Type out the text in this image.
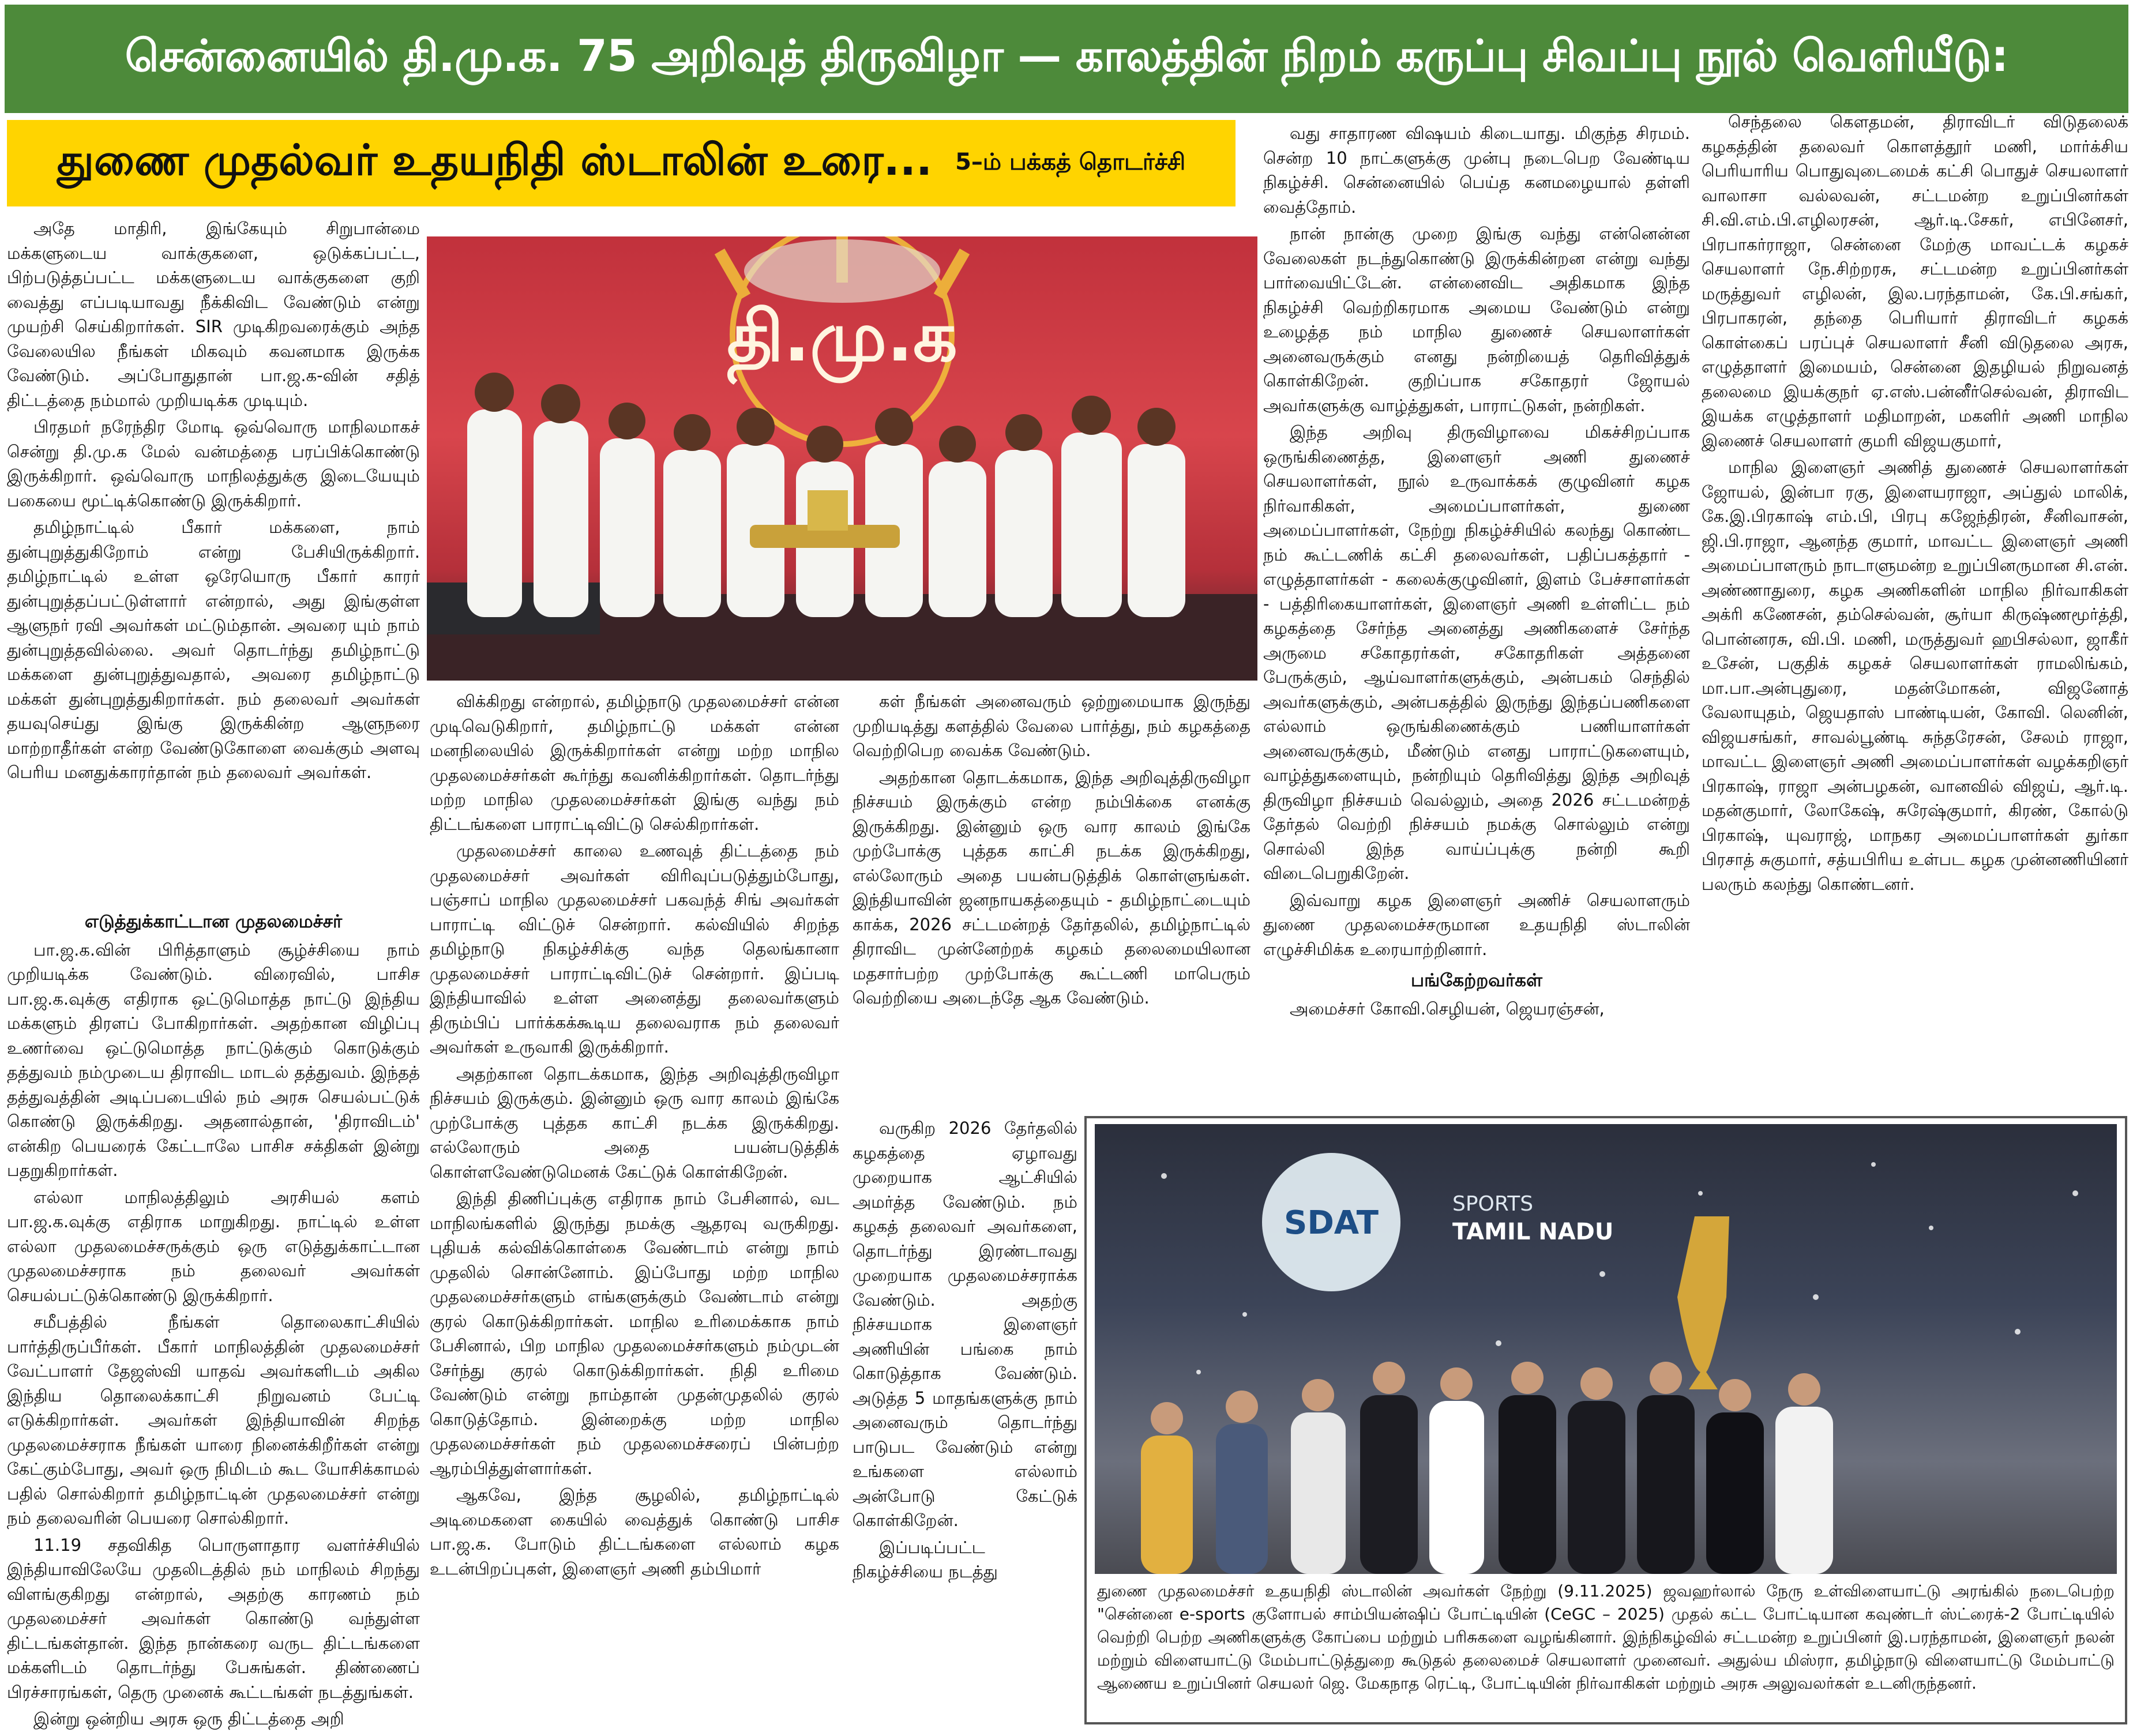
சென்னையில் தி.மு.க. 75 அறிவுத் திருவிழா — காலத்தின் நிறம் கருப்பு சிவப்பு நூல் வெளியீடு:
துணை முதல்வர் உதயநிதி ஸ்டாலின் உரை... 5–ம் பக்கத் தொடர்ச்சி

அதே மாதிரி, இங்கேயும் சிறுபான்மை மக்களுடைய வாக்குகளை, ஒடுக்கப்பட்ட, பிற்படுத்தப்பட்ட மக்களுடைய வாக்குகளை குறி வைத்து எப்படியாவது நீக்கிவிட வேண்டும் என்று முயற்சி செய்கிறார்கள். SIR முடிகிறவரைக்கும் அந்த வேலையில நீங்கள் மிகவும் கவனமாக இருக்க வேண்டும். அப்போதுதான் பா.ஜ.க-வின் சதித் திட்டத்தை நம்மால் முறியடிக்க முடியும்.

பிரதமர் நரேந்திர மோடி ஒவ்வொரு மாநிலமாகச் சென்று தி.மு.க மேல் வன்மத்தை பரப்பிக்கொண்டு இருக்கிறார். ஒவ்வொரு மாநிலத்துக்கு இடையேயும் பகையை மூட்டிக்கொண்டு இருக்கிறார்.

தமிழ்நாட்டில் பீகார் மக்களை, நாம் துன்புறுத்துகிறோம் என்று பேசியிருக்கிறார். தமிழ்நாட்டில் உள்ள ஒரேயொரு பீகார் காரர் துன்புறுத்தப்பட்டுள்ளார் என்றால், அது இங்குள்ள ஆளுநர் ரவி அவர்கள் மட்டும்தான். அவரை யும் நாம் துன்புறுத்தவில்லை. அவர் தொடர்ந்து தமிழ்நாட்டு மக்களை துன்புறுத்துவதால், அவரை தமிழ்நாட்டு மக்கள் துன்புறுத்துகிறார்கள். நம் தலைவர் அவர்கள் தயவுசெய்து இங்கு இருக்கின்ற ஆளுநரை மாற்றாதீர்கள் என்ற வேண்டுகோளை வைக்கும் அளவு பெரிய மனதுக்காரர்தான் நம் தலைவர் அவர்கள்.

எடுத்துக்காட்டான முதலமைச்சர்

பா.ஜ.க.வின் பிரித்தாளும் சூழ்ச்சியை நாம் முறியடிக்க வேண்டும். விரைவில், பாசிச பா.ஜ.க.வுக்கு எதிராக ஒட்டுமொத்த நாட்டு இந்திய மக்களும் திரளப் போகிறார்கள். அதற்கான விழிப்பு உணர்வை ஒட்டுமொத்த நாட்டுக்கும் கொடுக்கும் தத்துவம் நம்முடைய திராவிட மாடல் தத்துவம். இந்தத் தத்துவத்தின் அடிப்படையில் நம் அரசு செயல்பட்டுக் கொண்டு இருக்கிறது. அதனால்தான், 'திராவிடம்' என்கிற பெயரைக் கேட்டாலே பாசிச சக்திகள் இன்று பதறுகிறார்கள்.

எல்லா மாநிலத்திலும் அரசியல் களம் பா.ஜ.க.வுக்கு எதிராக மாறுகிறது. நாட்டில் உள்ள எல்லா முதலமைச்சருக்கும் ஒரு எடுத்துக்காட்டான முதலமைச்சராக நம் தலைவர் அவர்கள் செயல்பட்டுக்கொண்டு இருக்கிறார்.

சமீபத்தில் நீங்கள் தொலைகாட்சியில் பார்த்திருப்பீர்கள். பீகார் மாநிலத்தின் முதலமைச்சர் வேட்பாளர் தேஜஸ்வி யாதவ் அவர்களிடம் அகில இந்திய தொலைக்காட்சி நிறுவனம் பேட்டி எடுக்கிறார்கள். அவர்கள் இந்தியாவின் சிறந்த முதலமைச்சராக நீங்கள் யாரை நினைக்கிறீர்கள் என்று கேட்கும்போது, அவர் ஒரு நிமிடம் கூட யோசிக்காமல் பதில் சொல்கிறார் தமிழ்நாட்டின் முதலமைச்சர் என்று நம் தலைவரின் பெயரை சொல்கிறார்.

11.19 சதவிகித பொருளாதார வளர்ச்சியில் இந்தியாவிலேயே முதலிடத்தில் நம் மாநிலம் சிறந்து விளங்குகிறது என்றால், அதற்கு காரணம் நம் முதலமைச்சர் அவர்கள் கொண்டு வந்துள்ள திட்டங்கள்தான். இந்த நான்கரை வருட திட்டங்களை மக்களிடம் தொடர்ந்து பேசுங்கள். திண்ணைப் பிரச்சாரங்கள், தெரு முனைக் கூட்டங்கள் நடத்துங்கள்.

இன்று ஒன்றிய அரசு ஒரு திட்டத்தை அறி

தி.மு.க

விக்கிறது என்றால், தமிழ்நாடு முதலமைச்சர் என்ன முடிவெடுகிறார், தமிழ்நாட்டு மக்கள் என்ன மனநிலையில் இருக்கிறார்கள் என்று மற்ற மாநில முதலமைச்சர்கள் கூர்ந்து கவனிக்கிறார்கள். தொடர்ந்து மற்ற மாநில முதலமைச்சர்கள் இங்கு வந்து நம் திட்டங்களை பாராட்டிவிட்டு செல்கிறார்கள்.

முதலமைச்சர் காலை உணவுத் திட்டத்தை நம் முதலமைச்சர் அவர்கள் விரிவுப்படுத்தும்போது, பஞ்சாப் மாநில முதலமைச்சர் பகவந்த் சிங் அவர்கள் பாராட்டி விட்டுச் சென்றார். கல்வியில் சிறந்த தமிழ்நாடு நிகழ்ச்சிக்கு வந்த தெலங்கானா முதலமைச்சர் பாராட்டிவிட்டுச் சென்றார். இப்படி இந்தியாவில் உள்ள அனைத்து தலைவர்களும் திரும்பிப் பார்க்கக்கூடிய தலைவராக நம் தலைவர் அவர்கள் உருவாகி இருக்கிறார்.

அதற்கான தொடக்கமாக, இந்த அறிவுத்திருவிழா நிச்சயம் இருக்கும். இன்னும் ஒரு வார காலம் இங்கே முற்போக்கு புத்தக காட்சி நடக்க இருக்கிறது. எல்லோரும் அதை பயன்படுத்திக் கொள்ளவேண்டுமெனக் கேட்டுக் கொள்கிறேன்.

இந்தி திணிப்புக்கு எதிராக நாம் பேசினால், வட மாநிலங்களில் இருந்து நமக்கு ஆதரவு வருகிறது. புதியக் கல்விக்கொள்கை வேண்டாம் என்று நாம் முதலில் சொன்னோம். இப்போது மற்ற மாநில முதலமைச்சர்களும் எங்களுக்கும் வேண்டாம் என்று குரல் கொடுக்கிறார்கள். மாநில உரிமைக்காக நாம் பேசினால், பிற மாநில முதலமைச்சர்களும் நம்முடன் சேர்ந்து குரல் கொடுக்கிறார்கள். நிதி உரிமை வேண்டும் என்று நாம்தான் முதன்முதலில் குரல் கொடுத்தோம். இன்றைக்கு மற்ற மாநில முதலமைச்சர்கள் நம் முதலமைச்சரைப் பின்பற்ற ஆரம்பித்துள்ளார்கள்.

ஆகவே, இந்த சூழலில், தமிழ்நாட்டில் அடிமைகளை கையில் வைத்துக் கொண்டு பாசிச பா.ஜ.க. போடும் திட்டங்களை எல்லாம் கழக உடன்பிறப்புகள், இளைஞர் அணி தம்பிமார்

கள் நீங்கள் அனைவரும் ஒற்றுமையாக இருந்து முறியடித்து களத்தில் வேலை பார்த்து, நம் கழகத்தை வெற்றிபெற வைக்க வேண்டும்.

அதற்கான தொடக்கமாக, இந்த அறிவுத்திருவிழா நிச்சயம் இருக்கும் என்ற நம்பிக்கை எனக்கு இருக்கிறது. இன்னும் ஒரு வார காலம் இங்கே முற்போக்கு புத்தக காட்சி நடக்க இருக்கிறது, எல்லோரும் அதை பயன்படுத்திக் கொள்ளுங்கள். இந்தியாவின் ஜனநாயகத்தையும் - தமிழ்நாட்டையும் காக்க, 2026 சட்டமன்றத் தேர்தலில், தமிழ்நாட்டில் திராவிட முன்னேற்றக் கழகம் தலைமையிலான மதசார்பற்ற முற்போக்கு கூட்டணி மாபெரும் வெற்றியை அடைந்தே ஆக வேண்டும்.

வருகிற 2026 தேர்தலில் கழகத்தை ஏழாவது முறையாக ஆட்சியில் அமர்த்த வேண்டும். நம் கழகத் தலைவர் அவர்களை, தொடர்ந்து இரண்டாவது முறையாக முதலமைச்சராக்க வேண்டும். அதற்கு நிச்சயமாக இளைஞர் அணியின் பங்கை நாம் கொடுத்தாக வேண்டும். அடுத்த 5 மாதங்களுக்கு நாம் அனைவரும் தொடர்ந்து பாடுபட வேண்டும் என்று உங்களை எல்லாம் அன்போடு கேட்டுக் கொள்கிறேன்.

இப்படிப்பட்ட நிகழ்ச்சியை நடத்து

வது சாதாரண விஷயம் கிடையாது. மிகுந்த சிரமம். சென்ற 10 நாட்களுக்கு முன்பு நடைபெற வேண்டிய நிகழ்ச்சி. சென்னையில் பெய்த கனமழையால் தள்ளி வைத்தோம்.

நான் நான்கு முறை இங்கு வந்து என்னென்ன வேலைகள் நடந்துகொண்டு இருக்கின்றன என்று வந்து பார்வையிட்டேன். என்னைவிட அதிகமாக இந்த நிகழ்ச்சி வெற்றிகரமாக அமைய வேண்டும் என்று உழைத்த நம் மாநில துணைச் செயலாளர்கள் அனைவருக்கும் எனது நன்றியைத் தெரிவித்துக் கொள்கிறேன். குறிப்பாக சகோதரர் ஜோயல் அவர்களுக்கு வாழ்த்துகள், பாராட்டுகள், நன்றிகள்.

இந்த அறிவு திருவிழாவை மிகச்சிறப்பாக ஒருங்கிணைத்த, இளைஞர் அணி துணைச் செயலாளர்கள், நூல் உருவாக்கக் குழுவினர் கழக நிர்வாகிகள், அமைப்பாளர்கள், துணை அமைப்பாளர்கள், நேற்று நிகழ்ச்சியில் கலந்து கொண்ட நம் கூட்டணிக் கட்சி தலைவர்கள், பதிப்பகத்தார் - எழுத்தாளர்கள் - கலைக்குழுவினர், இளம் பேச்சாளர்கள் - பத்திரிகையாளர்கள், இளைஞர் அணி உள்ளிட்ட நம் கழகத்தை சேர்ந்த அனைத்து அணிகளைச் சேர்ந்த அருமை சகோதரர்கள், சகோதரிகள் அத்தனை பேருக்கும், ஆய்வாளர்களுக்கும், அன்பகம் செந்தில் அவர்களுக்கும், அன்பகத்தில் இருந்து இந்தப்பணிகளை எல்லாம் ஒருங்கிணைக்கும் பணியாளர்கள் அனைவருக்கும், மீண்டும் எனது பாராட்டுகளையும், வாழ்த்துகளையும், நன்றியும் தெரிவித்து இந்த அறிவுத் திருவிழா நிச்சயம் வெல்லும், அதை 2026 சட்டமன்றத் தேர்தல் வெற்றி நிச்சயம் நமக்கு சொல்லும் என்று சொல்லி இந்த வாய்ப்புக்கு நன்றி கூறி விடைபெறுகிறேன்.

இவ்வாறு கழக இளைஞர் அணிச் செயலாளரும் துணை முதலமைச்சருமான உதயநிதி ஸ்டாலின் எழுச்சிமிக்க உரையாற்றினார்.

பங்கேற்றவர்கள்

அமைச்சர் கோவி.செழியன், ஜெயரஞ்சன்,

செந்தலை கௌதமன், திராவிடர் விடுதலைக் கழகத்தின் தலைவர் கொளத்தூர் மணி, மார்க்சிய பெரியாரிய பொதுவுடைமைக் கட்சி பொதுச் செயலாளர் வாலாசா வல்லவன், சட்டமன்ற உறுப்பினர்கள் சி.வி.எம்.பி.எழிலரசன், ஆர்.டி.சேகர், எபினேசர், பிரபாகர்ராஜா, சென்னை மேற்கு மாவட்டக் கழகச் செயலாளர் நே.சிற்றரசு, சட்டமன்ற உறுப்பினர்கள் மருத்துவர் எழிலன், இல.பரந்தாமன், கே.பி.சங்கர், பிரபாகரன், தந்தை பெரியார் திராவிடர் கழகக் கொள்கைப் பரப்புச் செயலாளர் சீனி விடுதலை அரசு, எழுத்தாளர் இமையம், சென்னை இதழியல் நிறுவனத் தலைமை இயக்குநர் ஏ.எஸ்.பன்னீர்செல்வன், திராவிட இயக்க எழுத்தாளர் மதிமாறன், மகளிர் அணி மாநில இணைச் செயலாளர் குமரி விஜயகுமார்,

மாநில இளைஞர் அணித் துணைச் செயலாளர்கள் ஜோயல், இன்பா ரகு, இளையராஜா, அப்துல் மாலிக், கே.இ.பிரகாஷ் எம்.பி, பிரபு கஜேந்திரன், சீனிவாசன், ஜி.பி.ராஜா, ஆனந்த குமார், மாவட்ட இளைஞர் அணி அமைப்பாளரும் நாடாளுமன்ற உறுப்பினருமான சி.என். அண்ணாதுரை, கழக அணிகளின் மாநில நிர்வாகிகள் அக்ரி கணேசன், தம்செல்வன், சூர்யா கிருஷ்ணமூர்த்தி, பொன்னரசு, வி.பி. மணி, மருத்துவர் ஹபிசல்லா, ஜாகீர் உசேன், பகுதிக் கழகச் செயலாளர்கள் ராமலிங்கம், மா.பா.அன்புதுரை, மதன்மோகன், விஜனோத் வேலாயுதம், ஜெயதாஸ் பாண்டியன், கோவி. லெனின், விஜயசங்கர், சாவல்பூண்டி சுந்தரேசன், சேலம் ராஜா, மாவட்ட இளைஞர் அணி அமைப்பாளர்கள் வழக்கறிஞர் பிரகாஷ், ராஜா அன்பழகன், வானவில் விஜய், ஆர்.டி. மதன்குமார், லோகேஷ், சுரேஷ்குமார், கிரண், கோல்டு பிரகாஷ், யுவராஜ், மாநகர அமைப்பாளர்கள் துர்கா பிரசாத் சுகுமார், சத்யபிரிய உள்பட கழக முன்னணியினர் பலரும் கலந்து கொண்டனர்.

SDAT
SPORTS
TAMIL NADU
துணை முதலமைச்சர் உதயநிதி ஸ்டாலின் அவர்கள் நேற்று (9.11.2025) ஜவஹர்லால் நேரு உள்விளையாட்டு அரங்கில் நடைபெற்ற "சென்னை e-sports குளோபல் சாம்பியன்ஷிப் போட்டியின் (CeGC – 2025) முதல் கட்ட போட்டியான கவுண்டர் ஸ்ட்ரைக்-2 போட்டியில் வெற்றி பெற்ற அணிகளுக்கு கோப்பை மற்றும் பரிசுகளை வழங்கினார். இந்நிகழ்வில் சட்டமன்ற உறுப்பினர் இ.பரந்தாமன், இளைஞர் நலன் மற்றும் விளையாட்டு மேம்பாட்டுத்துறை கூடுதல் தலைமைச் செயலாளர் முனைவர். அதுல்ய மிஸ்ரா, தமிழ்நாடு விளையாட்டு மேம்பாட்டு ஆணைய உறுப்பினர் செயலர் ஜெ. மேகநாத ரெட்டி, போட்டியின் நிர்வாகிகள் மற்றும் அரசு அலுவலர்கள் உடனிருந்தனர்.
